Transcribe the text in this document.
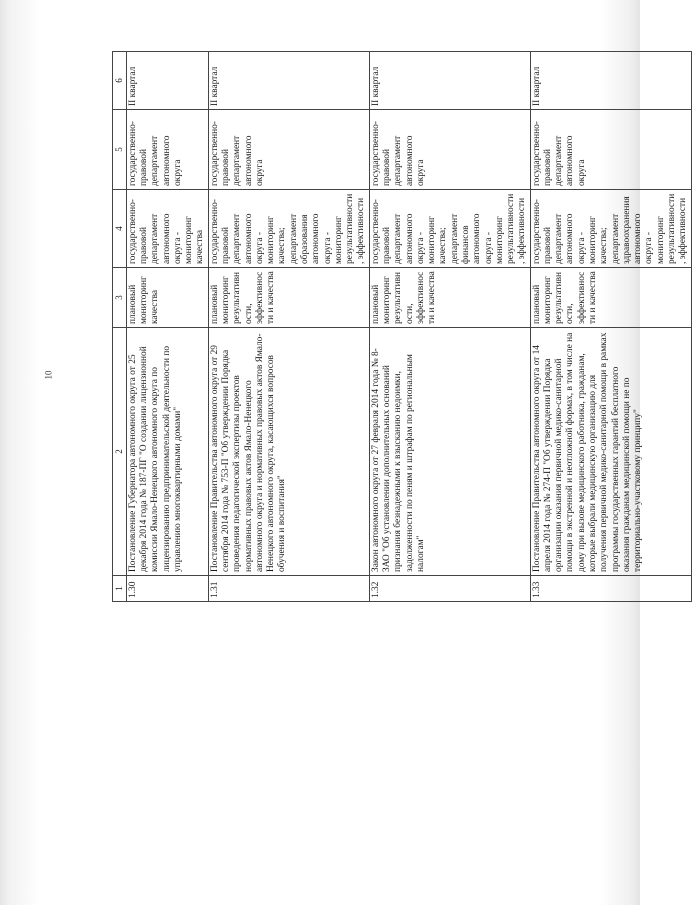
10
1	2	3	4	5	6
1.30	Постановление Губернатора автономного округа от 25 декабря 2014 года № 187-ПГ "О создании лицензионной комиссии Ямало-Ненецкого автономного округа по лицензированию предпринимательской деятельности по управлению многоквартирными домами"	плановый мониторинг качества	государственно-правовой департамент автономного округа - мониторинг качества	государственно-правовой департамент автономного округа	II квартал
1.31	Постановление Правительства автономного округа от 29 сентября 2014 года № 753-П "Об утверждении Порядка проведения педагогической экспертизы проектов нормативных правовых актов Ямало-Ненецкого автономного округа и нормативных правовых актов Ямало-Ненецкого автономного округа, касающихся вопросов обучения и воспитания"	плановый мониторинг результативности, эффективности и качества	государственно-правовой департамент автономного округа - мониторинг качества; департамент образования автономного округа - мониторинг результативности, эффективности	государственно-правовой департамент автономного округа	II квартал
1.32	Закон автономного округа от 27 февраля 2014 года № 8-ЗАО "Об установлении дополнительных оснований признания безнадежными к взысканию недоимки, задолженности по пеням и штрафам по региональным налогам"	плановый мониторинг результативности, эффективности и качества	государственно-правовой департамент автономного округа - мониторинг качества; департамент финансов автономного округа - мониторинг результативности, эффективности	государственно-правовой департамент автономного округа	II квартал
1.33	Постановление Правительства автономного округа от 14 апреля 2014 года № 274-П "Об утверждении Порядка организации оказания первичной медико-санитарной помощи в экстренной и неотложной формах, в том числе на дому при вызове медицинского работника, гражданам, которые выбрали медицинскую организацию для получения первичной медико-санитарной помощи в рамках программы государственных гарантий бесплатного оказания гражданам медицинской помощи не по территориально-участковому принципу"	плановый мониторинг результативности, эффективности и качества	государственно-правовой департамент автономного округа - мониторинг качества; департамент здравоохранения автономного округа - мониторинг результативности, эффективности	государственно-правовой департамент автономного округа	II квартал
